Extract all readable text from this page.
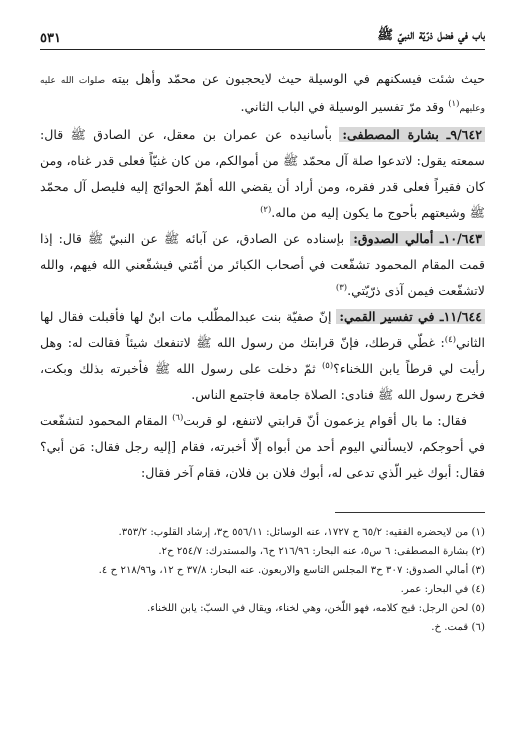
باب في فضل ذرّيّة النبيّ ﷺ
٥٣١

حيث شئت فيسكنهم في الوسيلة حيث لايحجبون عن محمّد وأهل بيته صلوات الله عليه وعليهم$^{(١)}$ وقد مرّ تفسير الوسيلة في الباب الثاني.

٩/٦٤٢ـ بشارة المصطفى: بأسانيده عن عمران بن معقل، عن الصادق ﷺ قال: سمعته يقول: لاتدعوا صلة آل محمّد ﷺ من أموالكم، من كان غنيّاً فعلى قدر غناه، ومن كان فقيراً فعلى قدر فقره، ومن أراد أن يقضي الله أهمّ الحوائج إليه فليصل آل محمّد ﷺ وشيعتهم بأحوج ما يكون إليه من ماله.$^{(٢)}$

١٠/٦٤٣ـ أمالي الصدوق: بإسناده عن الصادق، عن آبائه ﷺ عن النبيّ ﷺ قال: إذا قمت المقام المحمود تشفّعت في أصحاب الكبائر من أمّتي فيشفّعني الله فيهم، والله لاتشفّعت فيمن آذى ذرّيّتي.$^{(٣)}$

١١/٦٤٤ـ في تفسير القمي: إنّ صفيّة بنت عبدالمطّلب مات ابنٌ لها فأقبلت فقال لها الثاني$^{(٤)}$: غطّي قرطك، فإنّ قرابتك من رسول الله ﷺ لاتنفعك شيئاً فقالت له: وهل رأيت لي قرطاً يابن اللخناء؟$^{(٥)}$ ثمّ دخلت على رسول الله ﷺ فأخبرته بذلك وبكت، فخرج رسول الله ﷺ فنادى: الصلاة جامعة فاجتمع الناس.

فقال: ما بال أقوام يزعمون أنّ قرابتي لاتنفع، لو قربت$^{(٦)}$ المقام المحمود لتشفّعت في أحوجكم، لايسألني اليوم أحد من أبواه إلّا أخبرته، فقام [إليه رجل فقال: مَن أبي؟ فقال: أبوك غير الّذي تدعى له، أبوك فلان بن فلان، فقام آخر فقال:

(١) من لايحضره الفقيه: ٦٥/٢ ح ١٧٢٧، عنه الوسائل: ٥٥٦/١١ ح٣، إرشاد القلوب: ٣٥٣/٢.
(٢) بشارة المصطفى: ٦ س٥، عنه البحار: ٢١٦/٩٦ ح٦، والمستدرك: ٢٥٤/٧ ح٢.
(٣) أمالي الصدوق: ٣٠٧ ح٣ المجلس التاسع والاربعون. عنه البحار: ٣٧/٨ ح ١٢، و٢١٨/٩٦ ح ٤.
(٤) في البحار: عمر.
(٥) لحن الرجل: قبح كلامه، فهو اللّخن، وهي لخناء، ويقال في السبّ: يابن اللخناء.
(٦) قمت. خ.
